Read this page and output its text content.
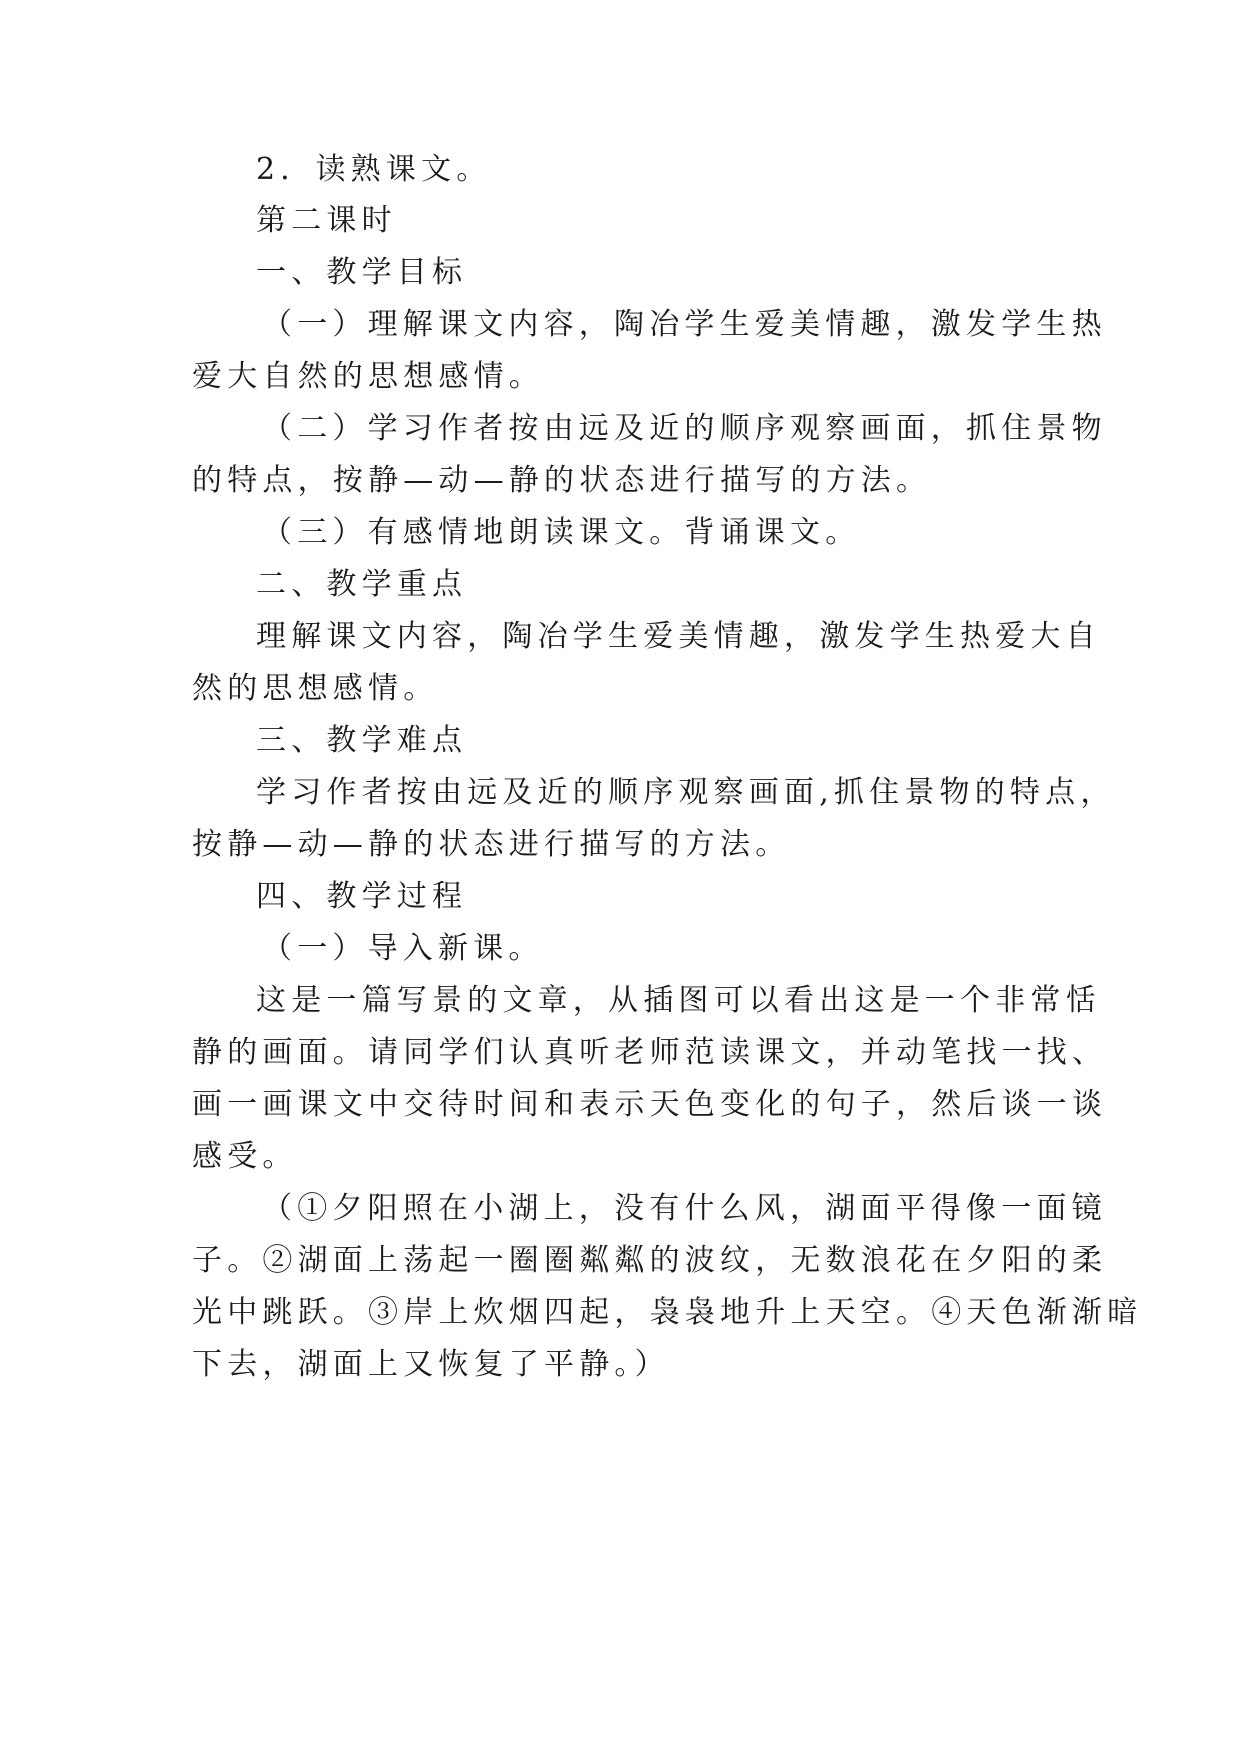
2．读熟课文。
第二课时
一、教学目标
（一）理解课文内容，陶冶学生爱美情趣，激发学生热
爱大自然的思想感情。
（二）学习作者按由远及近的顺序观察画面，抓住景物
的特点，按静—动—静的状态进行描写的方法。
（三）有感情地朗读课文。背诵课文。
二、教学重点
理解课文内容，陶冶学生爱美情趣，激发学生热爱大自
然的思想感情。
三、教学难点
学习作者按由远及近的顺序观察画面,抓住景物的特点，
按静—动—静的状态进行描写的方法。
四、教学过程
（一）导入新课。
这是一篇写景的文章，从插图可以看出这是一个非常恬
静的画面。请同学们认真听老师范读课文，并动笔找一找、
画一画课文中交待时间和表示天色变化的句子，然后谈一谈
感受。
（①夕阳照在小湖上，没有什么风，湖面平得像一面镜
子。②湖面上荡起一圈圈粼粼的波纹，无数浪花在夕阳的柔
光中跳跃。③岸上炊烟四起，袅袅地升上天空。④天色渐渐暗
下去，湖面上又恢复了平静。）
